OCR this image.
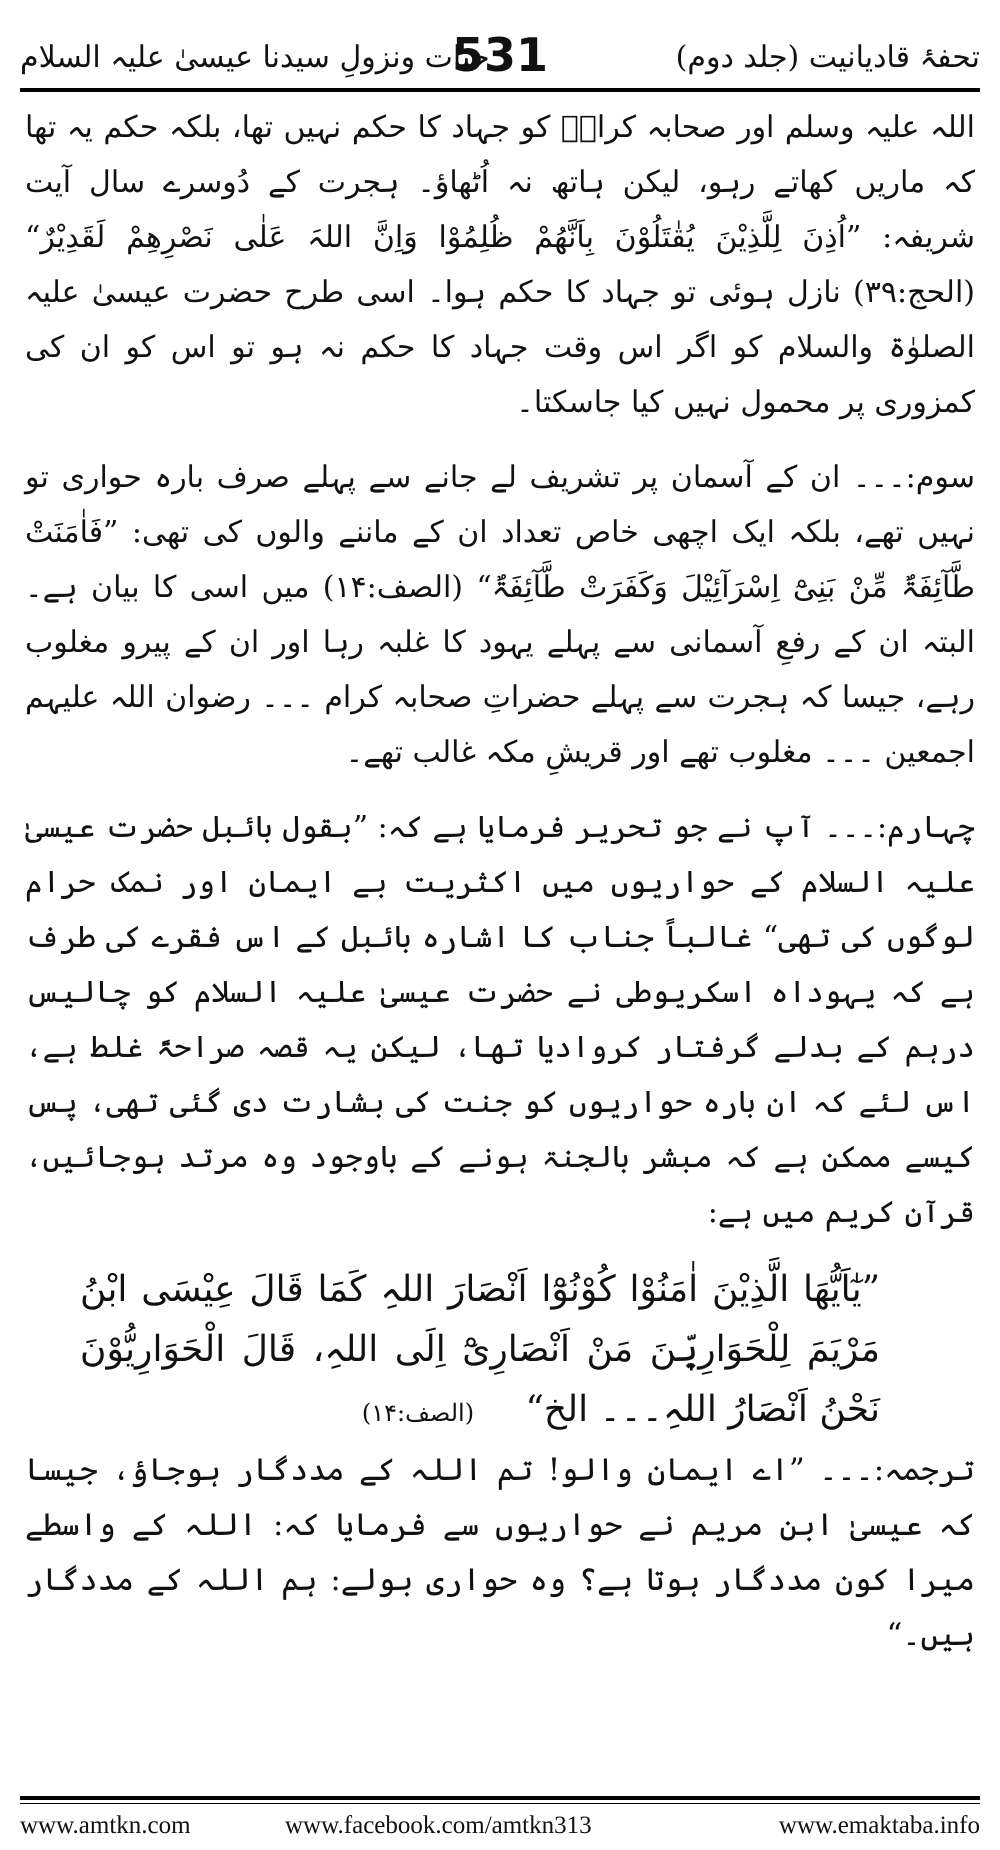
تحفۂ قادیانیت (جلد دوم)
531
حیات ونزولِ سیدنا عیسیٰ علیہ السلام

اللہ علیہ وسلم اور صحابہ کرامؓ کو جہاد کا حکم نہیں تھا، بلکہ حکم یہ تھا کہ ماریں کھاتے رہو، لیکن ہاتھ نہ اُٹھاؤ۔ ہجرت کے دُوسرے سال آیت شریفہ: ”اُذِنَ لِلَّذِیْنَ یُقٰتَلُوْنَ بِاَنَّھُمْ ظُلِمُوْا وَاِنَّ اللہَ عَلٰی نَصْرِھِمْ لَقَدِیْرٌ“ (الحج:۳۹) نازل ہوئی تو جہاد کا حکم ہوا۔ اسی طرح حضرت عیسیٰ علیہ الصلوٰۃ والسلام کو اگر اس وقت جہاد کا حکم نہ ہو تو اس کو ان کی کمزوری پر محمول نہیں کیا جاسکتا۔

سوم:۔۔۔ ان کے آسمان پر تشریف لے جانے سے پہلے صرف بارہ حواری تو نہیں تھے، بلکہ ایک اچھی خاص تعداد ان کے ماننے والوں کی تھی: ”فَاٰمَنَتْ طَّآئِفَۃٌ مِّنْ بَنِیْٓ اِسْرَآئِیْلَ وَکَفَرَتْ طَّآئِفَۃٌ“ (الصف:۱۴) میں اسی کا بیان ہے۔ البتہ ان کے رفعِ آسمانی سے پہلے یہود کا غلبہ رہا اور ان کے پیرو مغلوب رہے، جیسا کہ ہجرت سے پہلے حضراتِ صحابہ کرام ۔۔۔ رضوان اللہ علیہم اجمعین ۔۔۔ مغلوب تھے اور قریشِ مکہ غالب تھے۔

چہارم:۔۔۔ آپ نے جو تحریر فرمایا ہے کہ: ”بقول بائبل حضرت عیسیٰ علیہ السلام کے حواریوں میں اکثریت بے ایمان اور نمک حرام لوگوں کی تھی“ غالباً جناب کا اشارہ بائبل کے اس فقرے کی طرف ہے کہ یہوداہ اسکریوطی نے حضرت عیسیٰ علیہ السلام کو چالیس درہم کے بدلے گرفتار کروادیا تھا، لیکن یہ قصہ صراحۃً غلط ہے، اس لئے کہ ان بارہ حواریوں کو جنت کی بشارت دی گئی تھی، پس کیسے ممکن ہے کہ مبشر بالجنۃ ہونے کے باوجود وہ مرتد ہوجائیں، قرآنِ کریم میں ہے:

”یٰٓاَیُّھَا الَّذِیْنَ اٰمَنُوْا کُوْنُوْٓا اَنْصَارَ اللہِ کَمَا قَالَ عِیْسَی ابْنُ مَرْیَمَ لِلْحَوَارِیّٖنَ مَنْ اَنْصَارِیْٓ اِلَی اللہِ، قَالَ الْحَوَارِیُّوْنَ نَحْنُ اَنْصَارُ اللہِ۔۔۔ الخ“ (الصف:۱۴)

ترجمہ:۔۔۔ ”اے ایمان والو! تم اللہ کے مددگار ہوجاؤ، جیسا کہ عیسیٰ ابن مریم نے حواریوں سے فرمایا کہ: اللہ کے واسطے میرا کون مددگار ہوتا ہے؟ وہ حواری بولے: ہم اللہ کے مددگار ہیں۔“

www.amtkn.com	www.facebook.com/amtkn313	www.emaktaba.info
